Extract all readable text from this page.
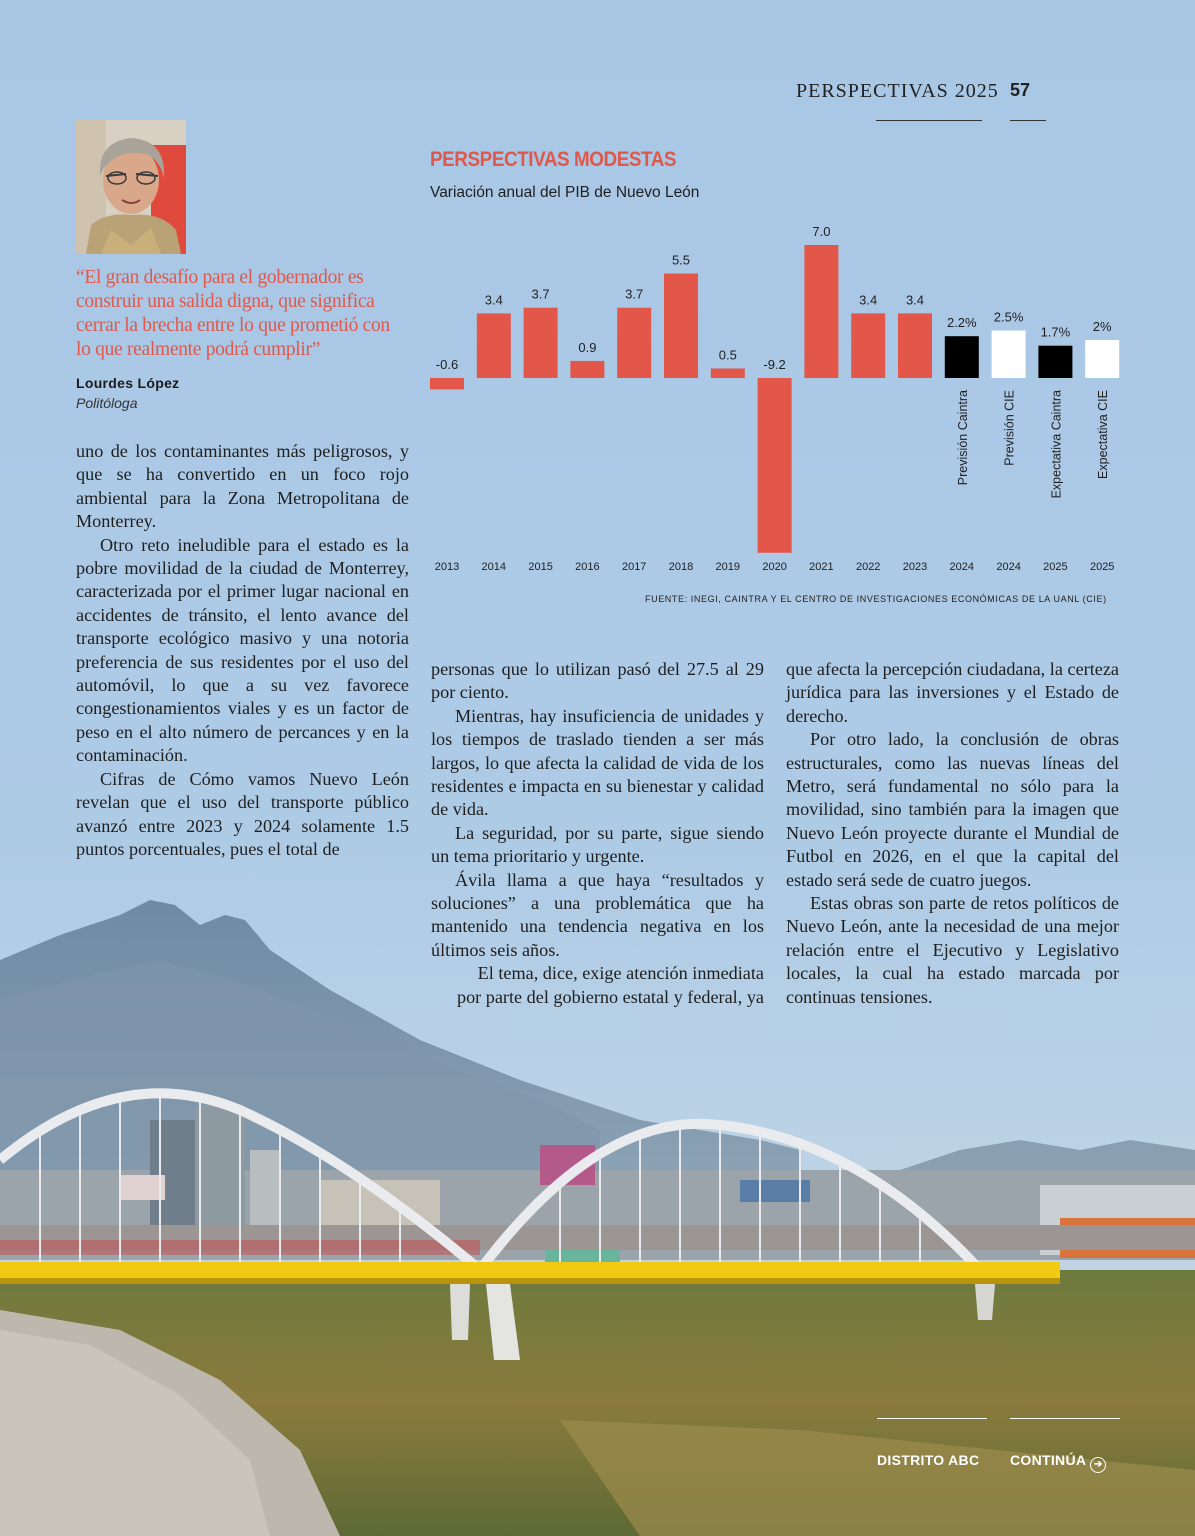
PERSPECTIVAS 2025 57
“El gran desafío para el gobernador es construir una salida digna, que significa cerrar la brecha entre lo que prometió con lo que realmente podrá cumplir”
Lourdes López
Politóloga
PERSPECTIVAS MODESTAS
Variación anual del PIB de Nuevo León
-0.6
2013
3.4
2014
3.7
2015
0.9
2016
3.7
2017
5.5
2018
0.5
2019
-9.2
2020
7.0
2021
3.4
2022
3.4
2023
2.2%
2024
Previsión Caintra
2.5%
2024
Previsión CIE
1.7%
2025
Expectativa Caintra
2%
2025
Expectativa CIE
FUENTE: INEGI, CAINTRA Y EL CENTRO DE INVESTIGACIONES ECONÓMICAS DE LA UANL (CIE)

uno de los contaminantes más peligrosos, y que se ha convertido en un foco rojo ambiental para la Zona Metropolitana de Monterrey.

Otro reto ineludible para el estado es la pobre movilidad de la ciudad de Monterrey, caracterizada por el primer lugar nacional en accidentes de tránsito, el lento avance del transporte ecológico masivo y una notoria preferencia de sus residentes por el uso del automóvil, lo que a su vez favorece congestionamientos viales y es un factor de peso en el alto número de percances y en la contaminación.

Cifras de Cómo vamos Nuevo León revelan que el uso del transporte público avanzó entre 2023 y 2024 solamente 1.5 puntos porcentuales, pues el total de

personas que lo utilizan pasó del 27.5 al 29 por ciento.

Mientras, hay insuficiencia de unidades y los tiempos de traslado tienden a ser más largos, lo que afecta la calidad de vida de los residentes e impacta en su bienestar y calidad de vida.

La seguridad, por su parte, sigue siendo un tema prioritario y urgente.

Ávila llama a que haya “resultados y soluciones” a una problemática que ha mantenido una tendencia negativa en los últimos seis años.

El tema, dice, exige atención inmediata por parte del gobierno estatal y federal, ya

que afecta la percepción ciudadana, la certeza jurídica para las inversiones y el Estado de derecho.

Por otro lado, la conclusión de obras estructurales, como las nuevas líneas del Metro, será fundamental no sólo para la movilidad, sino también para la imagen que Nuevo León proyecte durante el Mundial de Futbol en 2026, en el que la capital del estado será sede de cuatro juegos.

Estas obras son parte de retos políticos de Nuevo León, ante la necesidad de una mejor relación entre el Ejecutivo y Legislativo locales, la cual ha estado marcada por continuas tensiones.

DISTRITO ABC CONTINÚA ➔
